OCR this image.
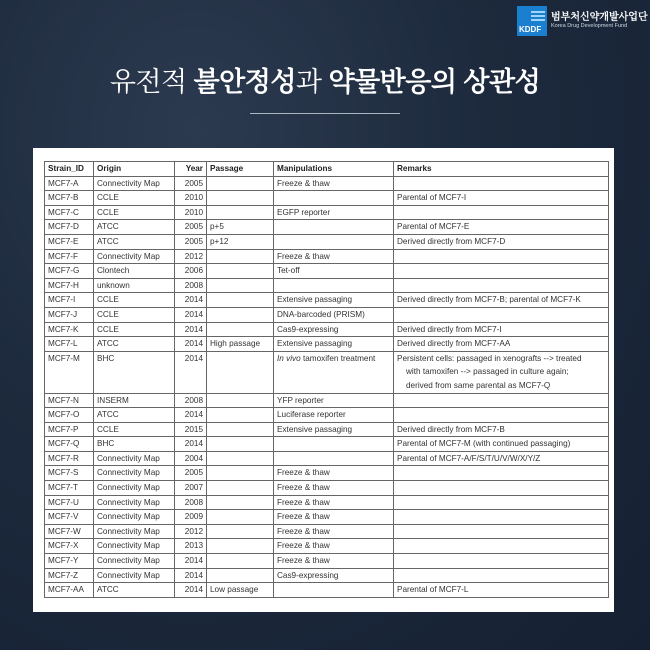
KDDF
범부처신약개발사업단
Korea Drug Development Fund
유전적 불안정성과 약물반응의 상관성
Strain_ID	Origin	Year	Passage	Manipulations	Remarks
MCF7-A	Connectivity Map	2005		Freeze & thaw	
MCF7-B	CCLE	2010			Parental of MCF7-I
MCF7-C	CCLE	2010		EGFP reporter	
MCF7-D	ATCC	2005	p+5		Parental of MCF7-E
MCF7-E	ATCC	2005	p+12		Derived directly from MCF7-D
MCF7-F	Connectivity Map	2012		Freeze & thaw	
MCF7-G	Clontech	2006		Tet-off	
MCF7-H	unknown	2008			
MCF7-I	CCLE	2014		Extensive passaging	Derived directly from MCF7-B; parental of MCF7-K
MCF7-J	CCLE	2014		DNA-barcoded (PRISM)	
MCF7-K	CCLE	2014		Cas9-expressing	Derived directly from MCF7-I
MCF7-L	ATCC	2014	High passage	Extensive passaging	Derived directly from MCF7-AA
MCF7-M	BHC	2014		In vivo tamoxifen treatment	Persistent cells: passaged in xenografts --> treated
with tamoxifen --> passaged in culture again;
derived from same parental as MCF7-Q

MCF7-N	INSERM	2008		YFP reporter	
MCF7-O	ATCC	2014		Luciferase reporter	
MCF7-P	CCLE	2015		Extensive passaging	Derived directly from MCF7-B
MCF7-Q	BHC	2014			Parental of MCF7-M (with continued passaging)
MCF7-R	Connectivity Map	2004			Parental of MCF7-A/F/S/T/U/V/W/X/Y/Z
MCF7-S	Connectivity Map	2005		Freeze & thaw	
MCF7-T	Connectivity Map	2007		Freeze & thaw	
MCF7-U	Connectivity Map	2008		Freeze & thaw	
MCF7-V	Connectivity Map	2009		Freeze & thaw	
MCF7-W	Connectivity Map	2012		Freeze & thaw	
MCF7-X	Connectivity Map	2013		Freeze & thaw	
MCF7-Y	Connectivity Map	2014		Freeze & thaw	
MCF7-Z	Connectivity Map	2014		Cas9-expressing	
MCF7-AA	ATCC	2014	Low passage		Parental of MCF7-L
